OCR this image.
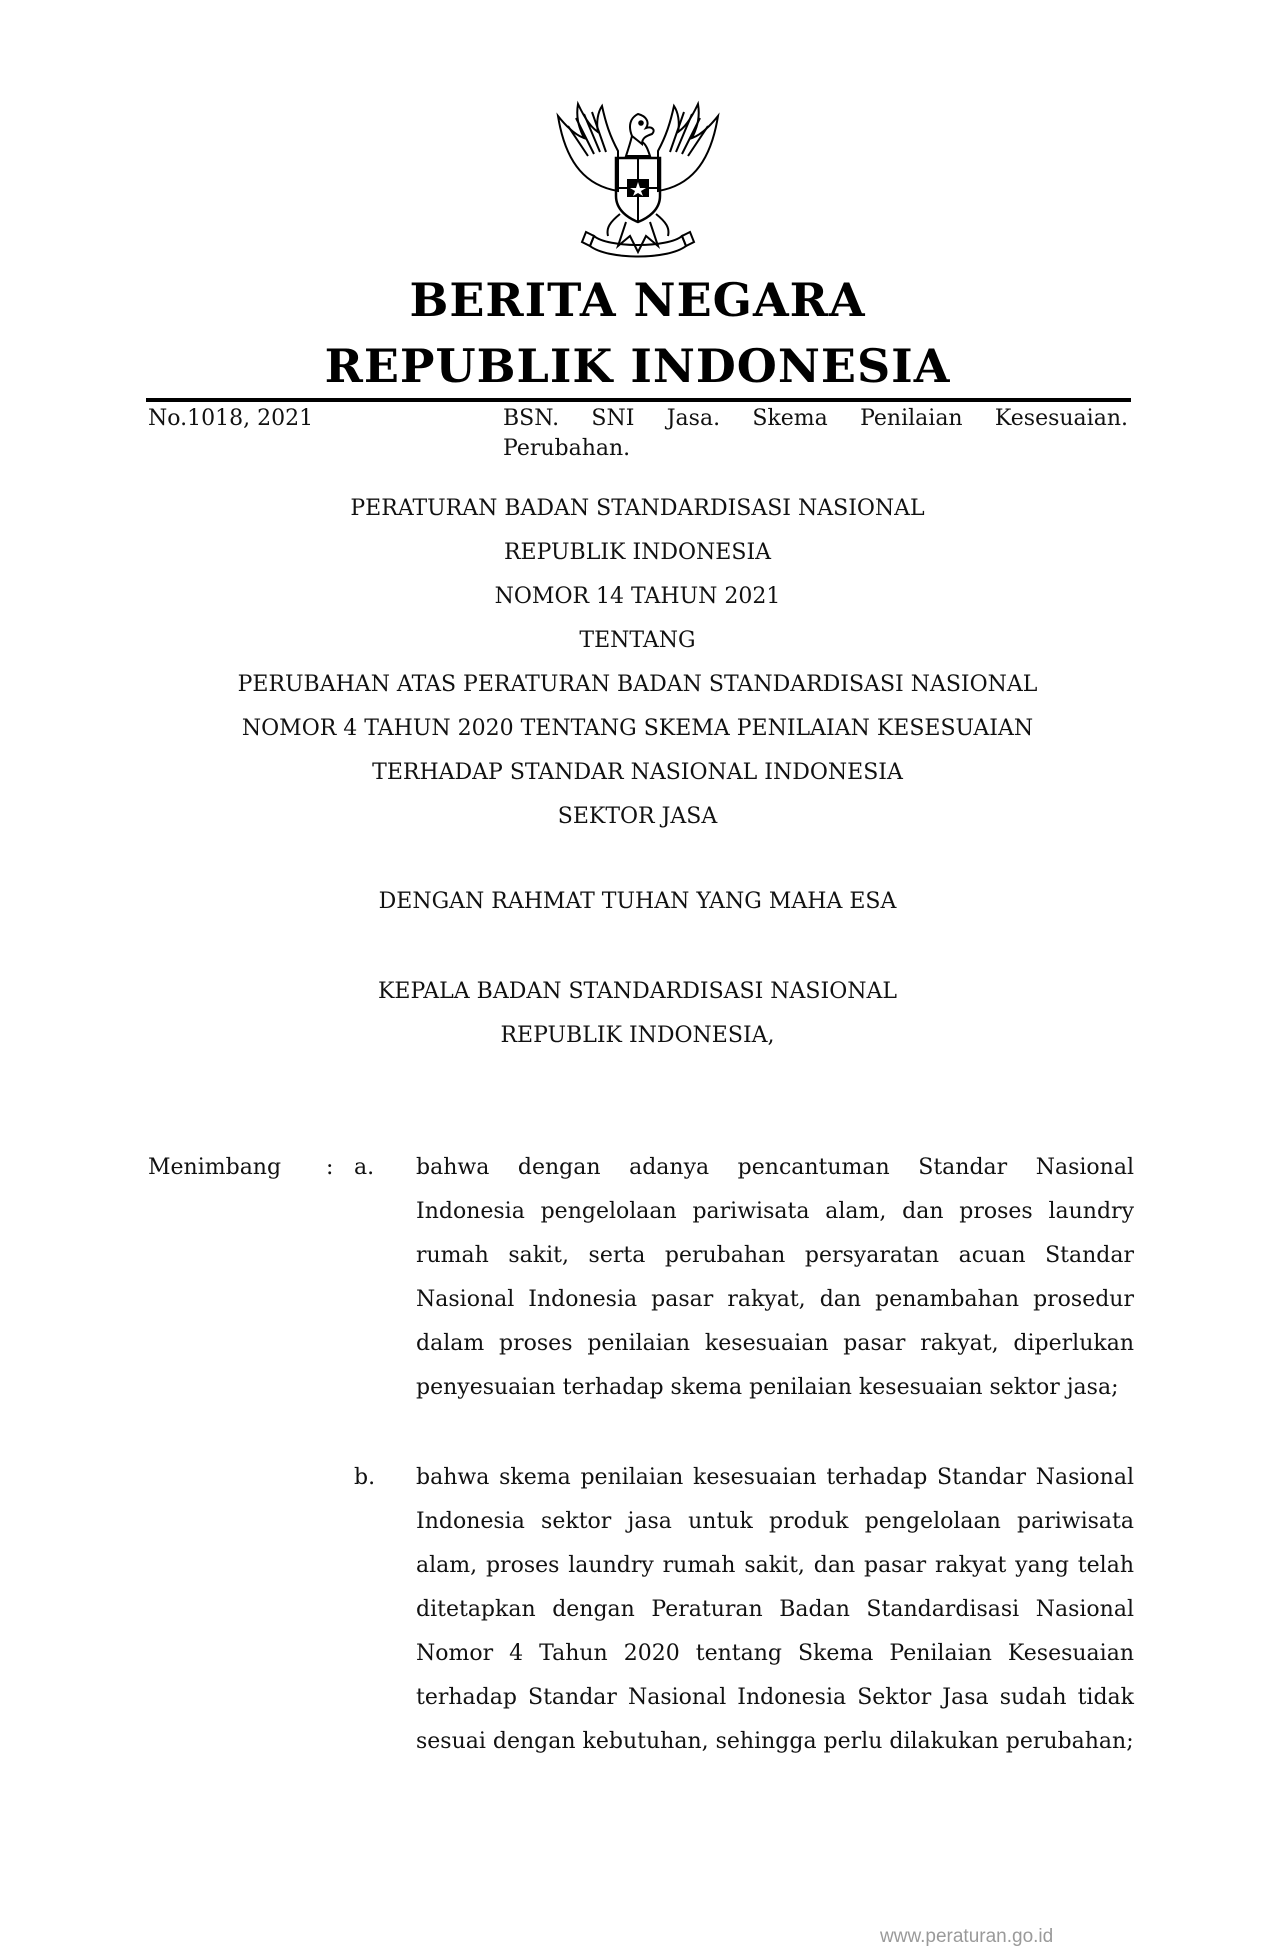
BERITA NEGARA
REPUBLIK INDONESIA
No.1018, 2021	BSN. SNI Jasa. Skema Penilaian Kesesuaian.
Perubahan.
PERATURAN BADAN STANDARDISASI NASIONAL
REPUBLIK INDONESIA
NOMOR 14 TAHUN 2021
TENTANG
PERUBAHAN ATAS PERATURAN BADAN STANDARDISASI NASIONAL
NOMOR 4 TAHUN 2020 TENTANG SKEMA PENILAIAN KESESUAIAN
TERHADAP STANDAR NASIONAL INDONESIA
SEKTOR JASA
DENGAN RAHMAT TUHAN YANG MAHA ESA
KEPALA BADAN STANDARDISASI NASIONAL
REPUBLIK INDONESIA,
Menimbang : a. bahwa dengan adanya pencantuman Standar Nasional Indonesia pengelolaan pariwisata alam, dan proses laundry rumah sakit, serta perubahan persyaratan acuan Standar Nasional Indonesia pasar rakyat, dan penambahan prosedur dalam proses penilaian kesesuaian pasar rakyat, diperlukan penyesuaian terhadap skema penilaian kesesuaian sektor jasa;
b. bahwa skema penilaian kesesuaian terhadap Standar Nasional Indonesia sektor jasa untuk produk pengelolaan pariwisata alam, proses laundry rumah sakit, dan pasar rakyat yang telah ditetapkan dengan Peraturan Badan Standardisasi Nasional Nomor 4 Tahun 2020 tentang Skema Penilaian Kesesuaian terhadap Standar Nasional Indonesia Sektor Jasa sudah tidak sesuai dengan kebutuhan, sehingga perlu dilakukan perubahan;
www.peraturan.go.id
